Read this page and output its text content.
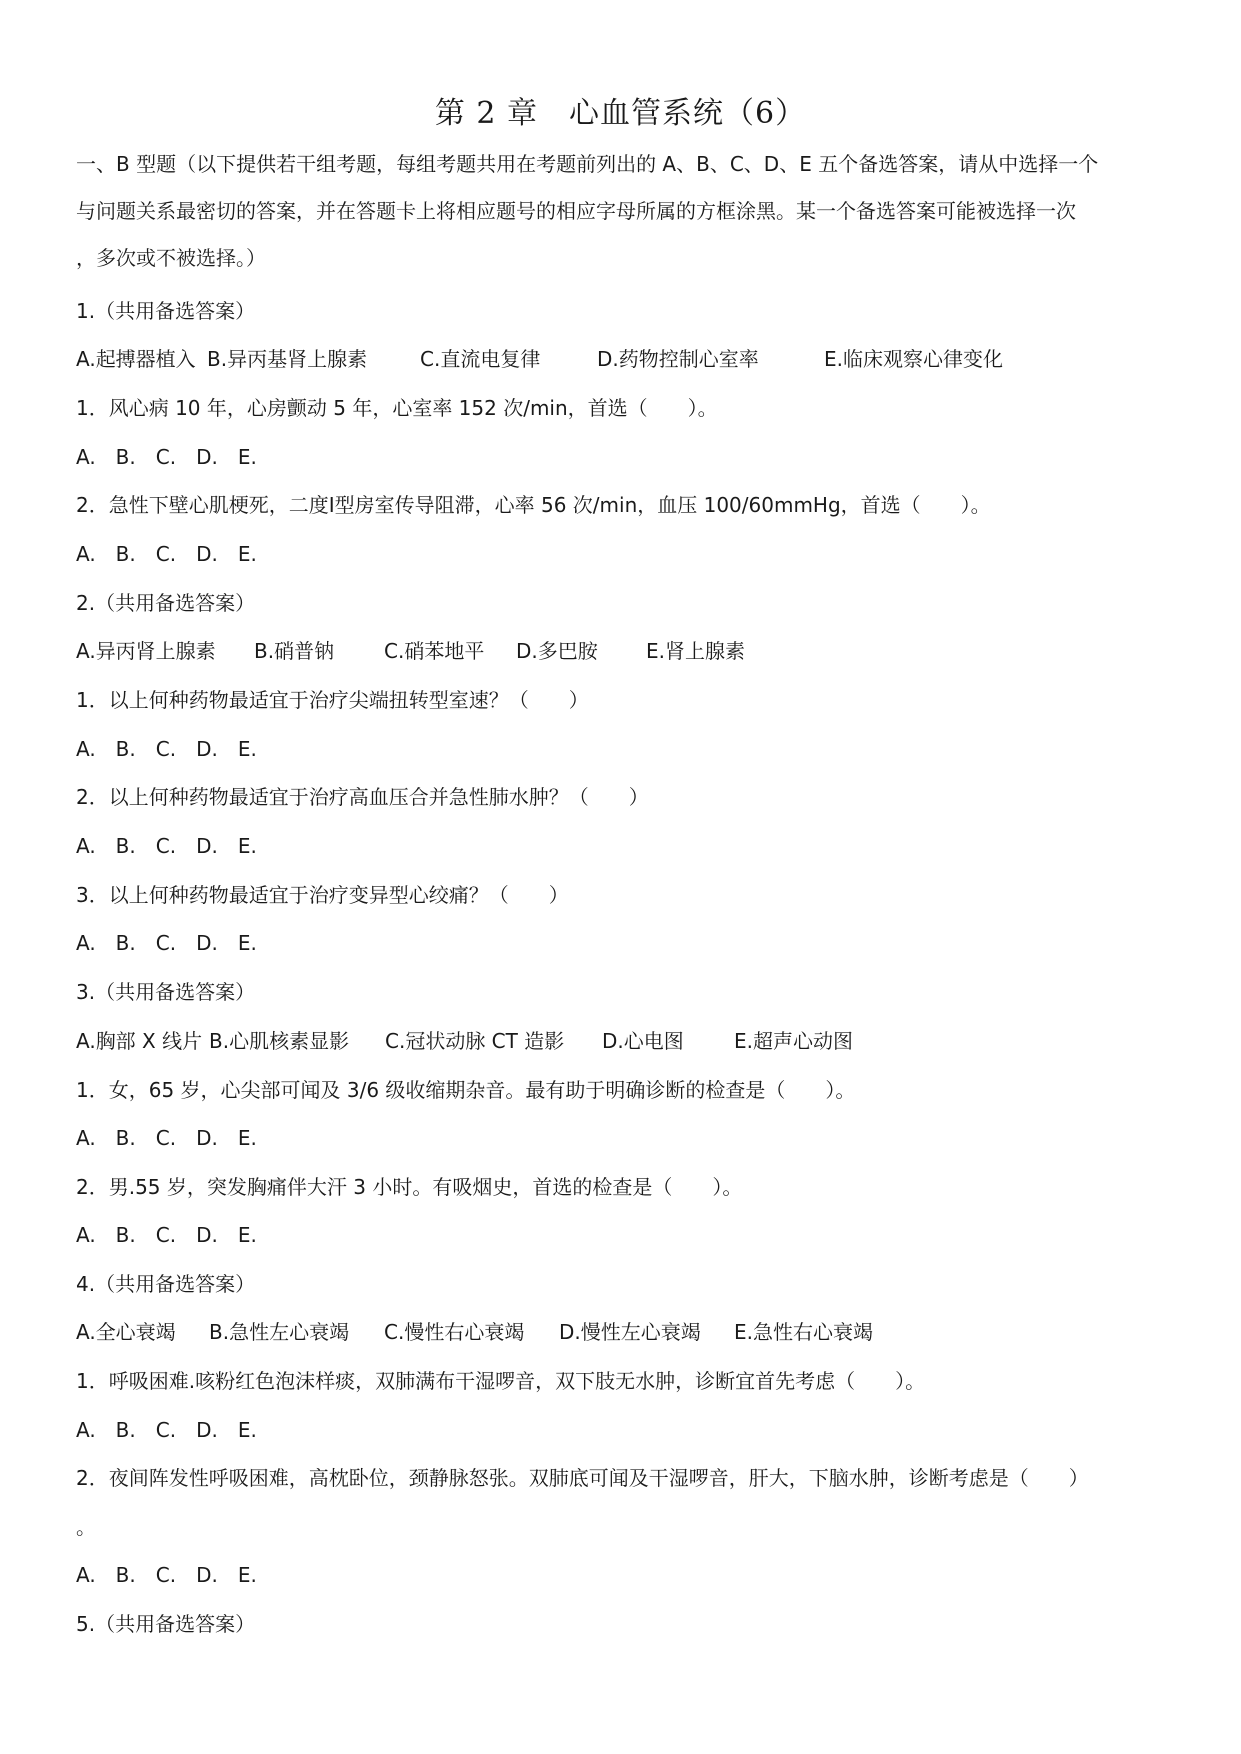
第 2 章　心血管系统（6）
一、B 型题（以下提供若干组考题，每组考题共用在考题前列出的 A、B、C、D、E 五个备选答案，请从中选择一个
与问题关系最密切的答案，并在答题卡上将相应题号的相应字母所属的方框涂黑。某一个备选答案可能被选择一次
，多次或不被选择。）
1.（共用备选答案）
A.起搏器植入 B.异丙基肾上腺素	C.直流电复律	D.药物控制心室率	E.临床观察心律变化
1．风心病 10 年，心房颤动 5 年，心室率 152 次/min，首选（　　）。
A.　B.　C.　D.　E.
2．急性下壁心肌梗死，二度Ⅰ型房室传导阻滞，心率 56 次/min，血压 100/60mmHg，首选（　　）。
A.　B.　C.　D.　E.
2.（共用备选答案）
A.异丙肾上腺素 B.硝普钠 C.硝苯地平 D.多巴胺 E.肾上腺素
1．以上何种药物最适宜于治疗尖端扭转型室速？（　　）
A.　B.　C.　D.　E.
2．以上何种药物最适宜于治疗高血压合并急性肺水肿？（　　）
A.　B.　C.　D.　E.
3．以上何种药物最适宜于治疗变异型心绞痛？（　　）
A.　B.　C.　D.　E.
3.（共用备选答案）
A.胸部 X 线片 B.心肌核素显影 C.冠状动脉 CT 造影 D.心电图	E.超声心动图
1．女，65 岁，心尖部可闻及 3/6 级收缩期杂音。最有助于明确诊断的检查是（　　）。
A.　B.　C.　D.　E.
2．男.55 岁，突发胸痛伴大汗 3 小时。有吸烟史，首选的检查是（　　）。
A.　B.　C.　D.　E.
4.（共用备选答案）
A.全心衰竭 B.急性左心衰竭 C.慢性右心衰竭 D.慢性左心衰竭 E.急性右心衰竭
1．呼吸困难.咳粉红色泡沫样痰，双肺满布干湿啰音，双下肢无水肿，诊断宜首先考虑（　　）。
A.　B.　C.　D.　E.
2．夜间阵发性呼吸困难，高枕卧位，颈静脉怒张。双肺底可闻及干湿啰音，肝大，下脑水肿，诊断考虑是（　　）
。
A.　B.　C.　D.　E.
5.（共用备选答案）
